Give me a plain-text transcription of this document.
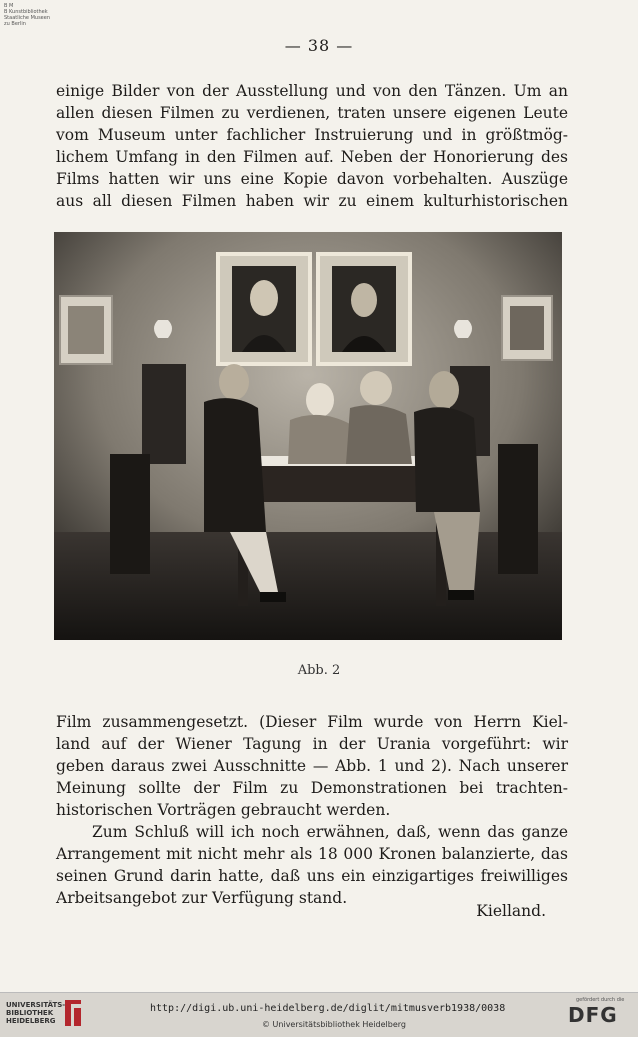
B M
B Kunstbibliothek
Staatliche Museen
zu Berlin
— 38 —
einige Bilder von der Ausstellung und von den Tänzen. Um an
allen diesen Filmen zu verdienen, traten unsere eigenen Leute
vom Museum unter fachlicher Instruierung und in größtmög-
lichem Umfang in den Filmen auf. Neben der Honorierung des
Films hatten wir uns eine Kopie davon vorbehalten. Auszüge
aus all diesen Filmen haben wir zu einem kulturhistorischen
Abb. 2
Film zusammengesetzt. (Dieser Film wurde von Herrn Kiel-
land auf der Wiener Tagung in der Urania vorgeführt: wir
geben daraus zwei Ausschnitte — Abb. 1 und 2). Nach unserer
Meinung sollte der Film zu Demonstrationen bei trachten-
historischen Vorträgen gebraucht werden.
Zum Schluß will ich noch erwähnen, daß, wenn das ganze
Arrangement mit nicht mehr als 18 000 Kronen balanzierte, das
seinen Grund darin hatte, daß uns ein einzigartiges freiwilliges
Arbeitsangebot zur Verfügung stand.
Kielland.
UNIVERSITÄTS-
BIBLIOTHEK
HEIDELBERG
http://digi.ub.uni-heidelberg.de/diglit/mitmusverb1938/0038
© Universitätsbibliothek Heidelberg
gefördert durch die
DFG
